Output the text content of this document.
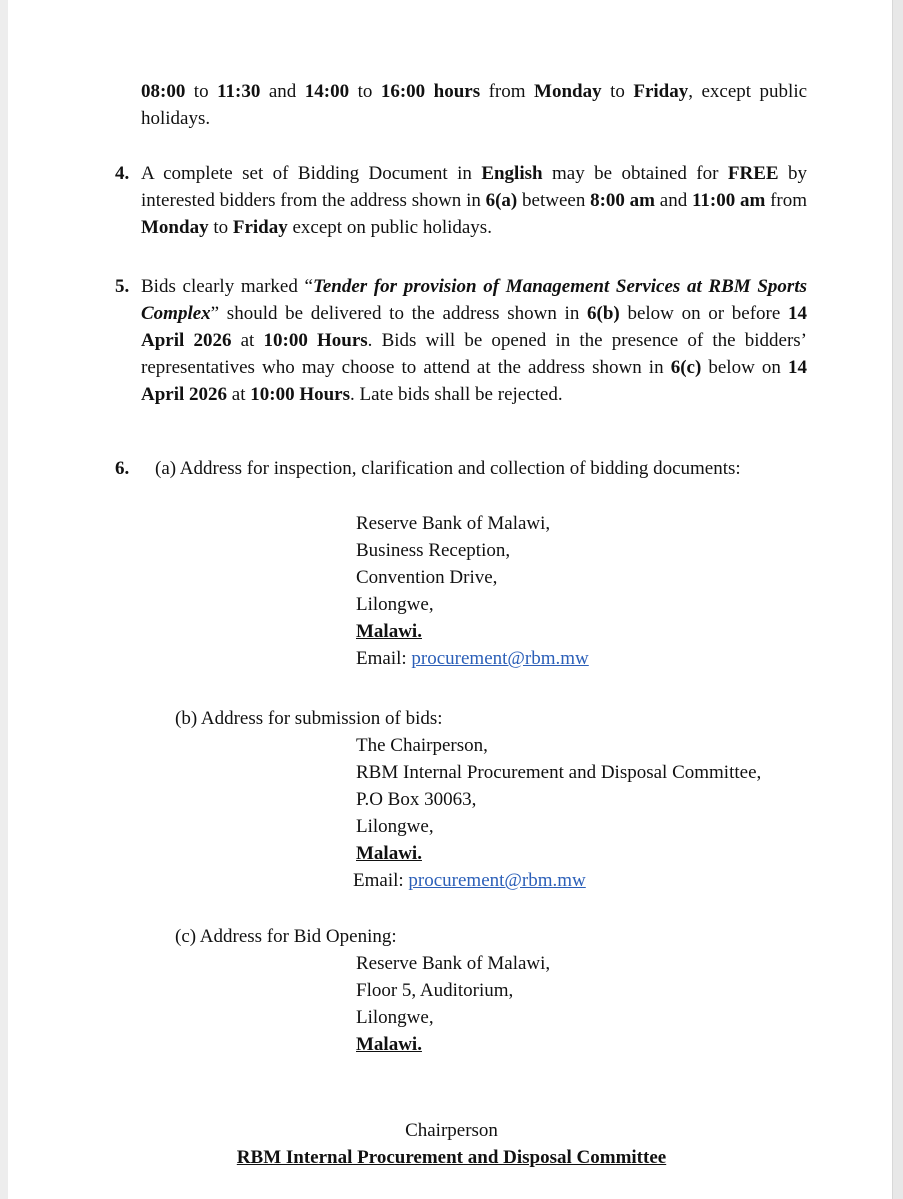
08:00 to 11:30 and 14:00 to 16:00 hours from Monday to Friday, except public holidays.
4. A complete set of Bidding Document in English may be obtained for FREE by interested bidders from the address shown in 6(a) between 8:00 am and 11:00 am from Monday to Friday except on public holidays.
5. Bids clearly marked “Tender for provision of Management Services at RBM Sports Complex” should be delivered to the address shown in 6(b) below on or before 14 April 2026 at 10:00 Hours. Bids will be opened in the presence of the bidders’ representatives who may choose to attend at the address shown in 6(c) below on 14 April 2026 at 10:00 Hours. Late bids shall be rejected.
6. (a) Address for inspection, clarification and collection of bidding documents:
Reserve Bank of Malawi,
Business Reception,
Convention Drive,
Lilongwe,
Malawi.
Email: procurement@rbm.mw
(b) Address for submission of bids:
The Chairperson,
RBM Internal Procurement and Disposal Committee,
P.O Box 30063,
Lilongwe,
Malawi.
Email: procurement@rbm.mw
(c) Address for Bid Opening:
Reserve Bank of Malawi,
Floor 5, Auditorium,
Lilongwe,
Malawi.
Chairperson
RBM Internal Procurement and Disposal Committee
